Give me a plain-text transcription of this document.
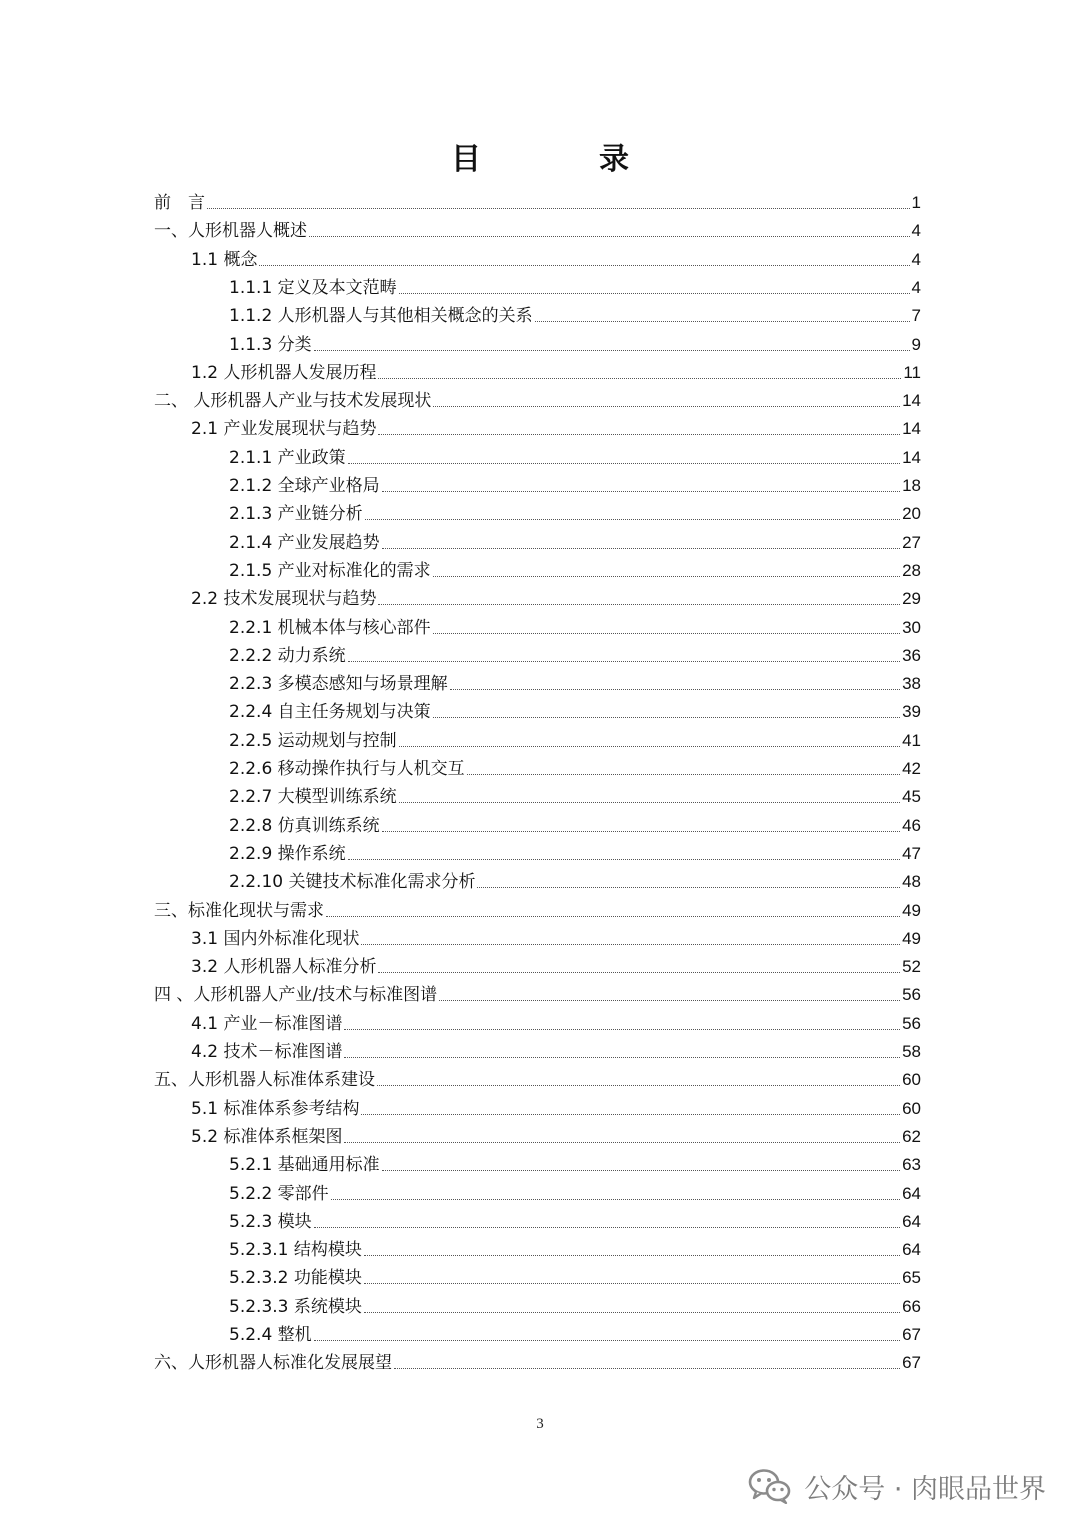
目　录
前　言	1
一、人形机器人概述	4
1.1 概念	4
1.1.1 定义及本文范畴	4
1.1.2 人形机器人与其他相关概念的关系	7
1.1.3 分类	9
1.2 人形机器人发展历程	11
二、 人形机器人产业与技术发展现状	14
2.1 产业发展现状与趋势	14
2.1.1 产业政策	14
2.1.2 全球产业格局	18
2.1.3 产业链分析	20
2.1.4 产业发展趋势	27
2.1.5 产业对标准化的需求	28
2.2 技术发展现状与趋势	29
2.2.1 机械本体与核心部件	30
2.2.2 动力系统	36
2.2.3 多模态感知与场景理解	38
2.2.4 自主任务规划与决策	39
2.2.5 运动规划与控制	41
2.2.6 移动操作执行与人机交互	42
2.2.7 大模型训练系统	45
2.2.8 仿真训练系统	46
2.2.9 操作系统	47
2.2.10 关键技术标准化需求分析	48
三、标准化现状与需求	49
3.1 国内外标准化现状	49
3.2 人形机器人标准分析	52
四 、人形机器人产业/技术与标准图谱	56
4.1 产业－标准图谱	56
4.2 技术－标准图谱	58
五、人形机器人标准体系建设	60
5.1 标准体系参考结构	60
5.2 标准体系框架图	62
5.2.1 基础通用标准	63
5.2.2 零部件	64
5.2.3 模块	64
5.2.3.1 结构模块	64
5.2.3.2 功能模块	65
5.2.3.3 系统模块	66
5.2.4 整机	67
六、人形机器人标准化发展展望	67
3
公众号 · 肉眼品世界
